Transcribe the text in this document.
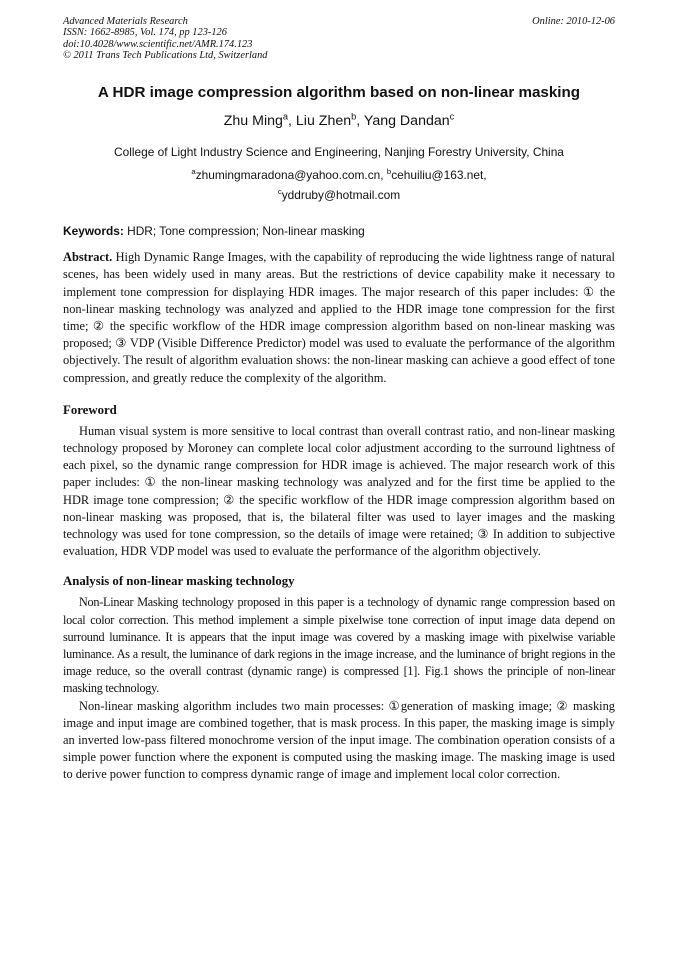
Advanced Materials Research
ISSN: 1662-8985, Vol. 174, pp 123-126
doi:10.4028/www.scientific.net/AMR.174.123
© 2011 Trans Tech Publications Ltd, Switzerland
Online: 2010-12-06
A HDR image compression algorithm based on non-linear masking
Zhu Ming$^a$, Liu Zhen$^b$, Yang Dandan$^c$
College of Light Industry Science and Engineering, Nanjing Forestry University, China
$^a$zhumingmaradona@yahoo.com.cn, $^b$cehuiliu@163.net,
$^c$yddruby@hotmail.com
Keywords: HDR; Tone compression; Non-linear masking
Abstract. High Dynamic Range Images, with the capability of reproducing the wide lightness range of natural scenes, has been widely used in many areas. But the restrictions of device capability make it necessary to implement tone compression for displaying HDR images. The major research of this paper includes: ① the non-linear masking technology was analyzed and applied to the HDR image tone compression for the first time; ② the specific workflow of the HDR image compression algorithm based on non-linear masking was proposed; ③ VDP (Visible Difference Predictor) model was used to evaluate the performance of the algorithm objectively. The result of algorithm evaluation shows: the non-linear masking can achieve a good effect of tone compression, and greatly reduce the complexity of the algorithm.
Foreword
Human visual system is more sensitive to local contrast than overall contrast ratio, and non-linear masking technology proposed by Moroney can complete local color adjustment according to the surround lightness of each pixel, so the dynamic range compression for HDR image is achieved. The major research work of this paper includes: ① the non-linear masking technology was analyzed and for the first time be applied to the HDR image tone compression; ② the specific workflow of the HDR image compression algorithm based on non-linear masking was proposed, that is, the bilateral filter was used to layer images and the masking technology was used for tone compression, so the details of image were retained; ③ In addition to subjective evaluation, HDR VDP model was used to evaluate the performance of the algorithm objectively.
Analysis of non-linear masking technology
Non-Linear Masking technology proposed in this paper is a technology of dynamic range compression based on local color correction. This method implement a simple pixelwise tone correction of input image data depend on surround luminance. It is appears that the input image was covered by a masking image with pixelwise variable luminance. As a result, the luminance of dark regions in the image increase, and the luminance of bright regions in the image reduce, so the overall contrast (dynamic range) is compressed [1]. Fig.1 shows the principle of non-linear masking technology.
Non-linear masking algorithm includes two main processes: ①generation of masking image; ② masking image and input image are combined together, that is mask process. In this paper, the masking image is simply an inverted low-pass filtered monochrome version of the input image. The combination operation consists of a simple power function where the exponent is computed using the masking image. The masking image is used to derive power function to compress dynamic range of image and implement local color correction.
